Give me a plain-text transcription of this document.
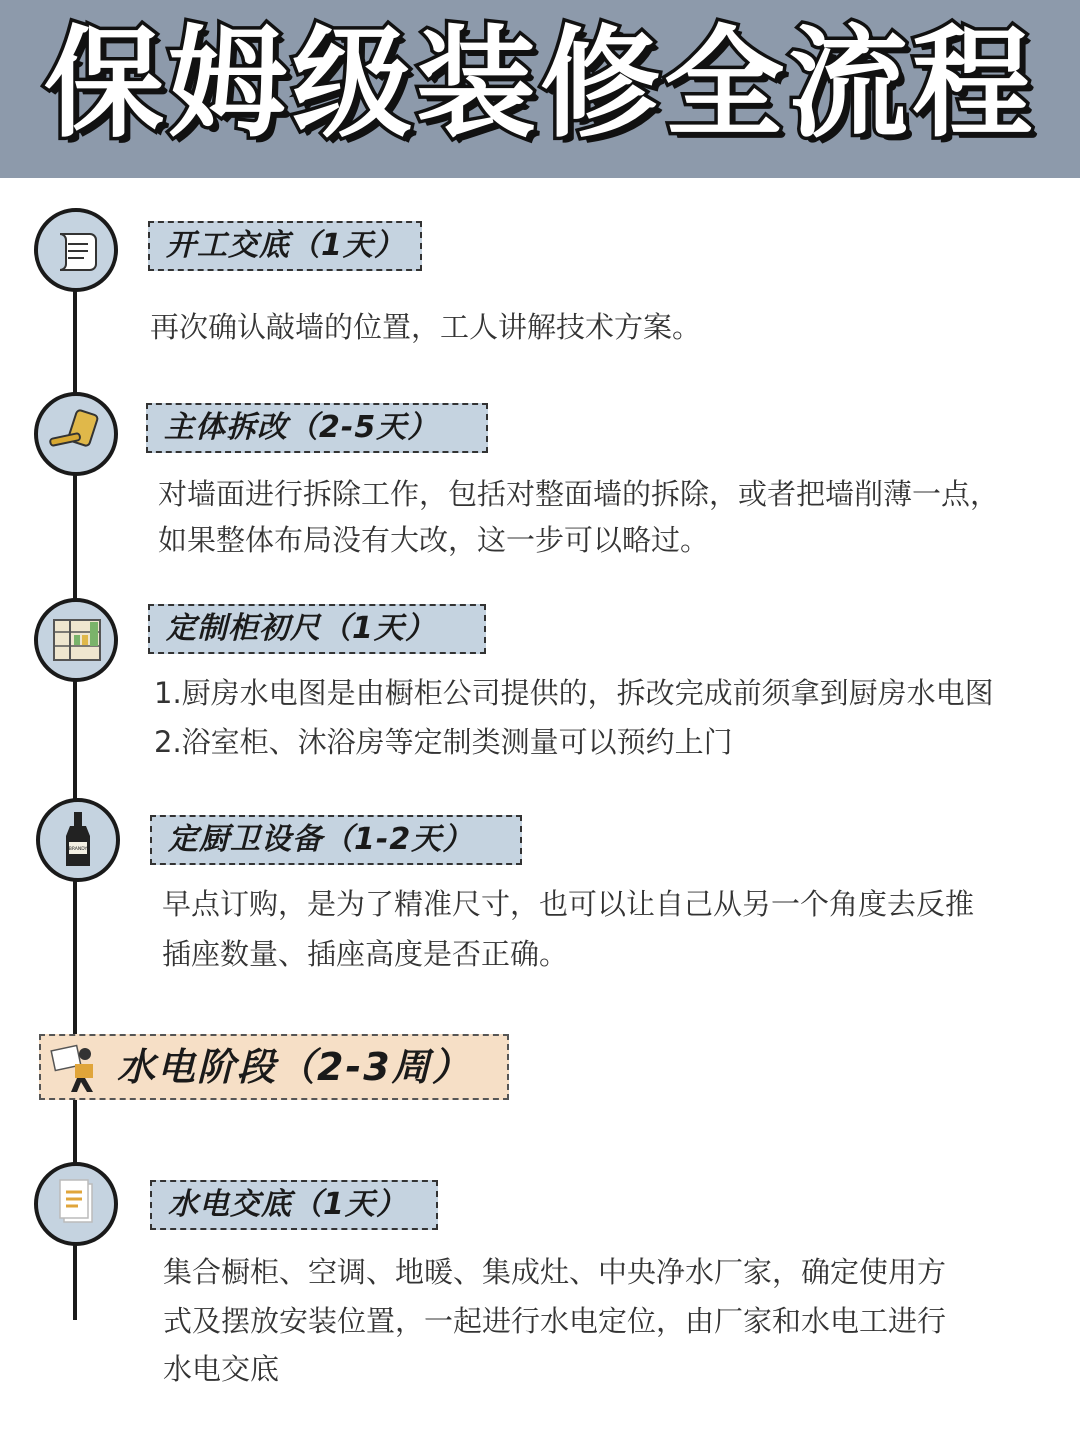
保姆级装修全流程
开工交底（1天）
再次确认敲墙的位置，工人讲解技术方案。
主体拆改（2-5天）
对墙面进行拆除工作，包括对整面墙的拆除，或者把墙削薄一点，
如果整体布局没有大改，这一步可以略过。
定制柜初尺（1天）
1.厨房水电图是由橱柜公司提供的，拆改完成前须拿到厨房水电图
2.浴室柜、沐浴房等定制类测量可以预约上门
BRANDY	定厨卫设备（1-2天）
早点订购，是为了精准尺寸，也可以让自己从另一个角度去反推
插座数量、插座高度是否正确。
水电阶段（2-3周）
水电交底（1天）
集合橱柜、空调、地暖、集成灶、中央净水厂家，确定使用方
式及摆放安装位置，一起进行水电定位，由厂家和水电工进行
水电交底
